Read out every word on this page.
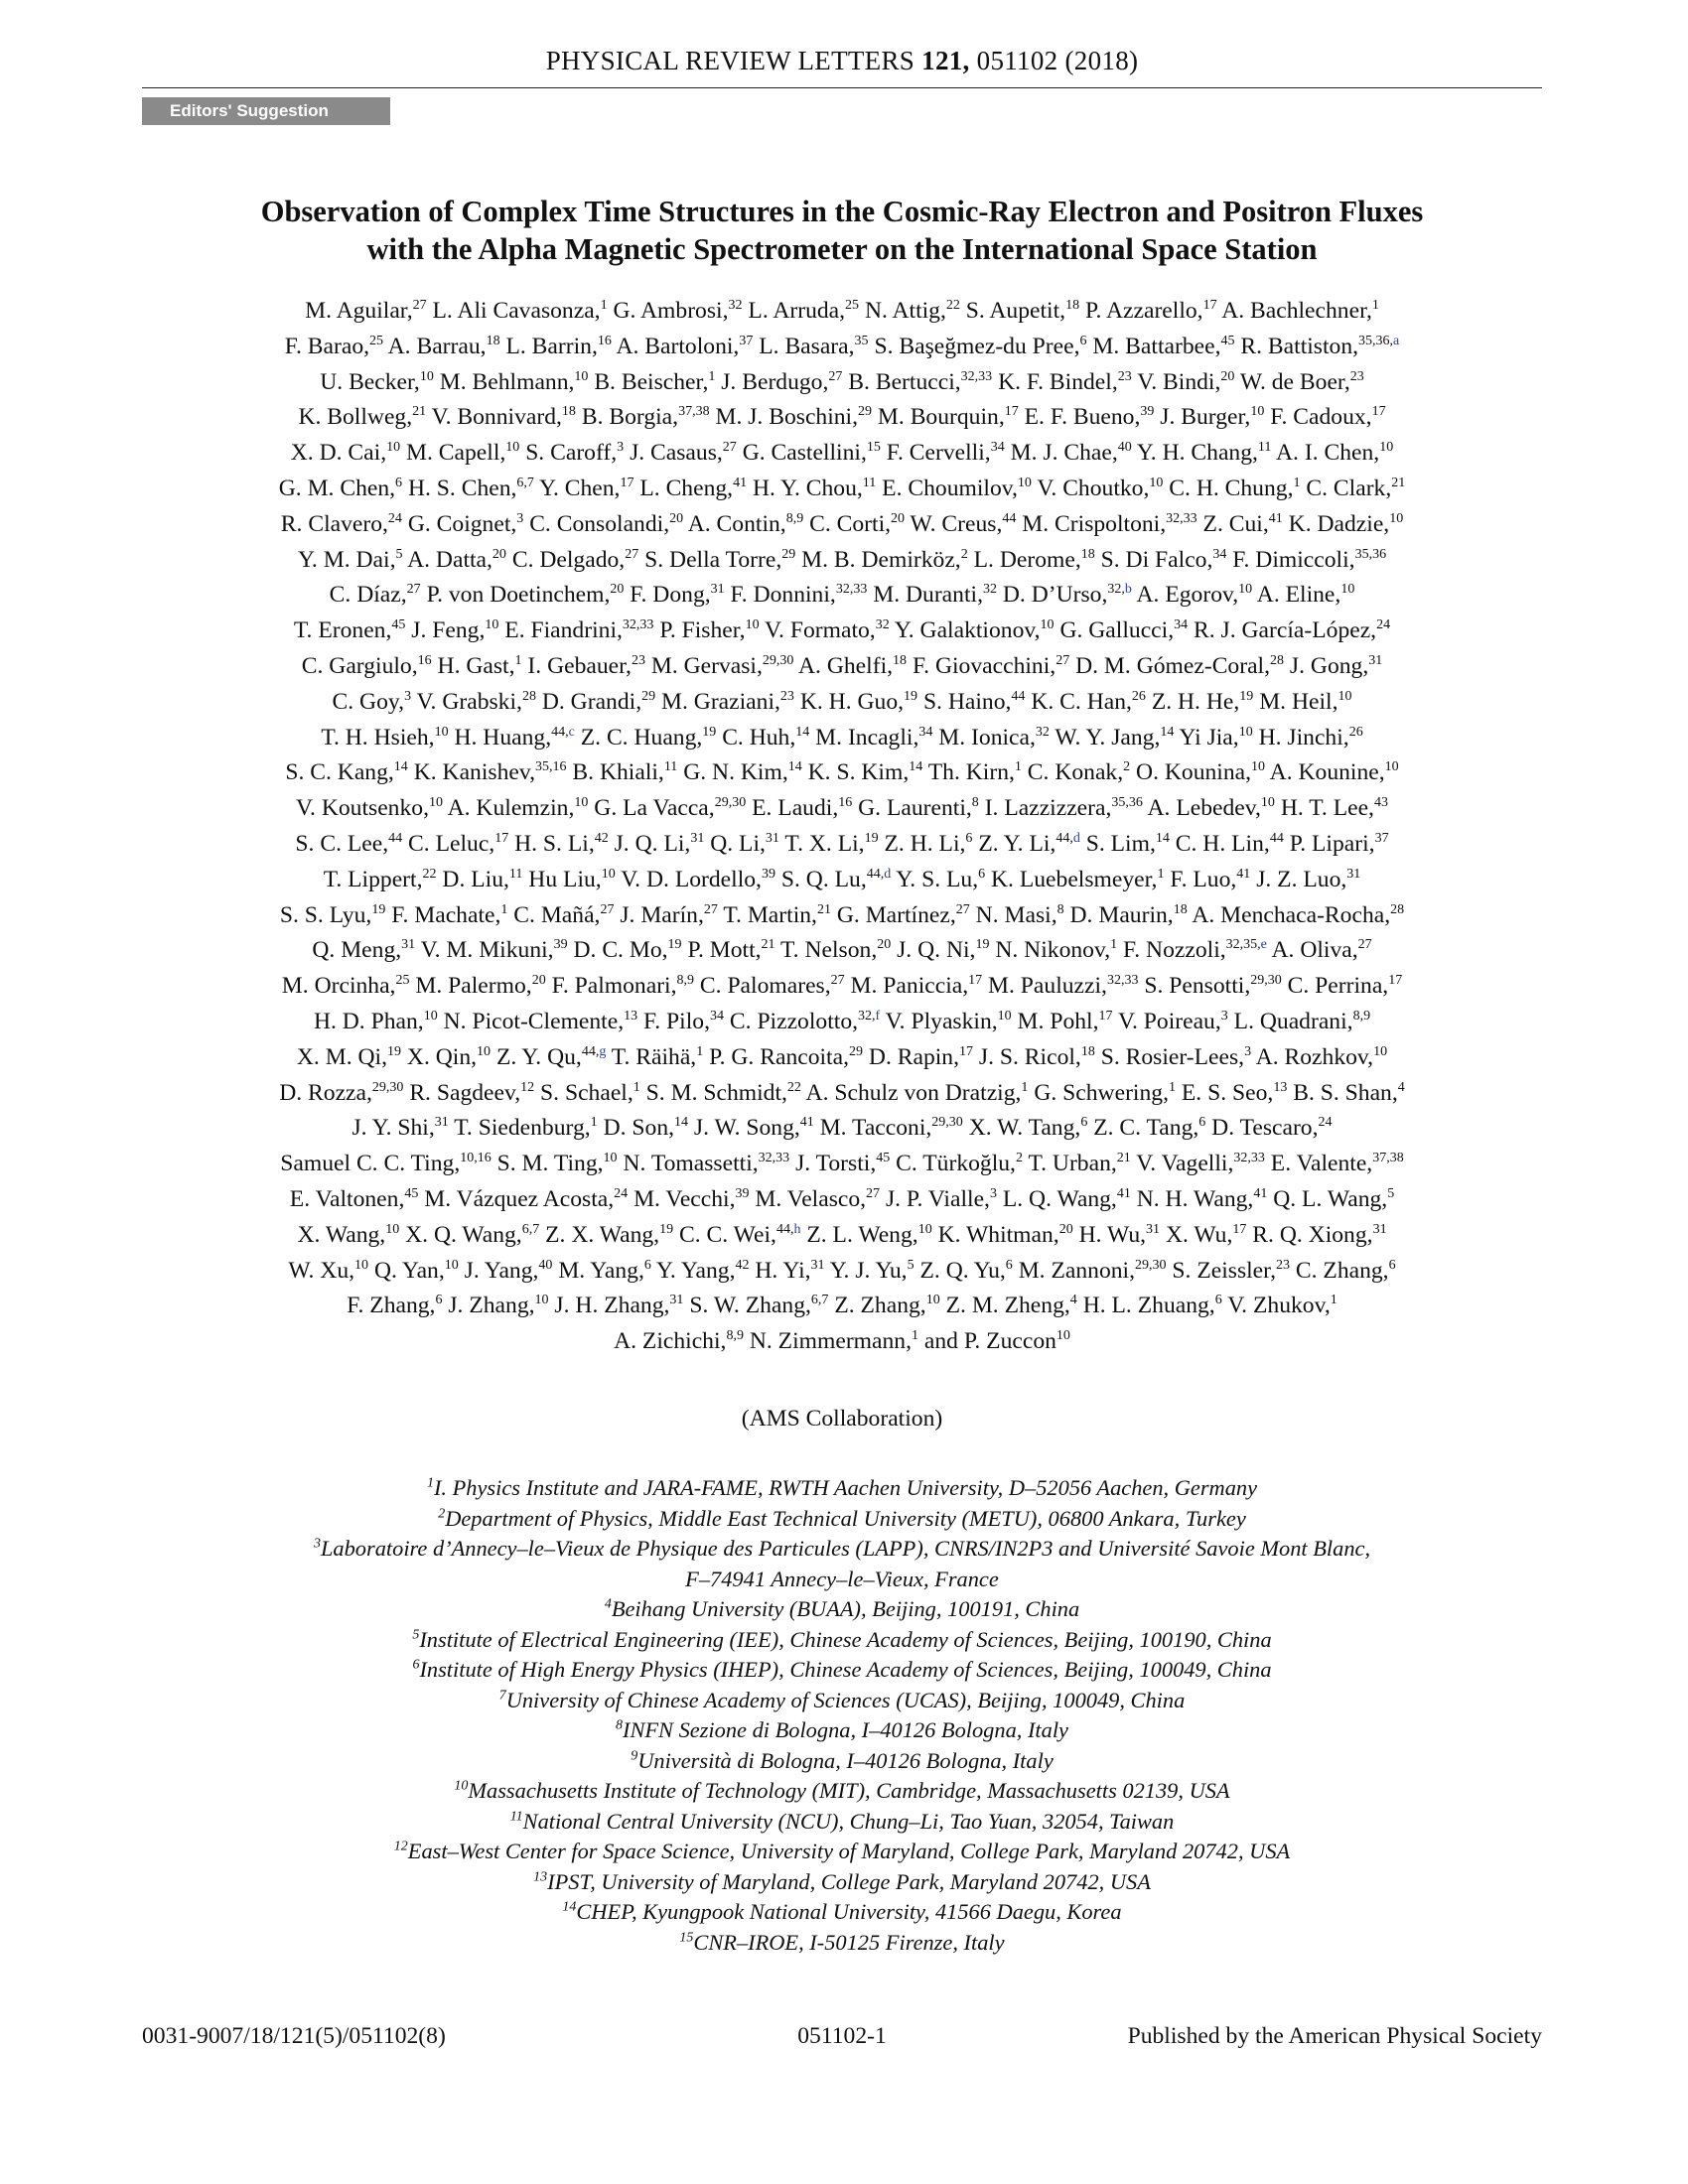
PHYSICAL REVIEW LETTERS 121, 051102 (2018)
Editors' Suggestion
Observation of Complex Time Structures in the Cosmic-Ray Electron and Positron Fluxes
with the Alpha Magnetic Spectrometer on the International Space Station
M. Aguilar,$^{27}$ L. Ali Cavasonza,$^1$ G. Ambrosi,$^{32}$ L. Arruda,$^{25}$ N. Attig,$^{22}$ S. Aupetit,$^{18}$ P. Azzarello,$^{17}$ A. Bachlechner,$^1$
F. Barao,$^{25}$ A. Barrau,$^{18}$ L. Barrin,$^{16}$ A. Bartoloni,$^{37}$ L. Basara,$^{35}$ S. Başeğmez-du Pree,$^6$ M. Battarbee,$^{45}$ R. Battiston,$^{35,36,a}$
U. Becker,$^{10}$ M. Behlmann,$^{10}$ B. Beischer,$^1$ J. Berdugo,$^{27}$ B. Bertucci,$^{32,33}$ K. F. Bindel,$^{23}$ V. Bindi,$^{20}$ W. de Boer,$^{23}$
K. Bollweg,$^{21}$ V. Bonnivard,$^{18}$ B. Borgia,$^{37,38}$ M. J. Boschini,$^{29}$ M. Bourquin,$^{17}$ E. F. Bueno,$^{39}$ J. Burger,$^{10}$ F. Cadoux,$^{17}$
X. D. Cai,$^{10}$ M. Capell,$^{10}$ S. Caroff,$^3$ J. Casaus,$^{27}$ G. Castellini,$^{15}$ F. Cervelli,$^{34}$ M. J. Chae,$^{40}$ Y. H. Chang,$^{11}$ A. I. Chen,$^{10}$
G. M. Chen,$^6$ H. S. Chen,$^{6,7}$ Y. Chen,$^{17}$ L. Cheng,$^{41}$ H. Y. Chou,$^{11}$ E. Choumilov,$^{10}$ V. Choutko,$^{10}$ C. H. Chung,$^1$ C. Clark,$^{21}$
R. Clavero,$^{24}$ G. Coignet,$^3$ C. Consolandi,$^{20}$ A. Contin,$^{8,9}$ C. Corti,$^{20}$ W. Creus,$^{44}$ M. Crispoltoni,$^{32,33}$ Z. Cui,$^{41}$ K. Dadzie,$^{10}$
Y. M. Dai,$^5$ A. Datta,$^{20}$ C. Delgado,$^{27}$ S. Della Torre,$^{29}$ M. B. Demirköz,$^2$ L. Derome,$^{18}$ S. Di Falco,$^{34}$ F. Dimiccoli,$^{35,36}$
C. Díaz,$^{27}$ P. von Doetinchem,$^{20}$ F. Dong,$^{31}$ F. Donnini,$^{32,33}$ M. Duranti,$^{32}$ D. D’Urso,$^{32,b}$ A. Egorov,$^{10}$ A. Eline,$^{10}$
T. Eronen,$^{45}$ J. Feng,$^{10}$ E. Fiandrini,$^{32,33}$ P. Fisher,$^{10}$ V. Formato,$^{32}$ Y. Galaktionov,$^{10}$ G. Gallucci,$^{34}$ R. J. García-López,$^{24}$
C. Gargiulo,$^{16}$ H. Gast,$^1$ I. Gebauer,$^{23}$ M. Gervasi,$^{29,30}$ A. Ghelfi,$^{18}$ F. Giovacchini,$^{27}$ D. M. Gómez-Coral,$^{28}$ J. Gong,$^{31}$
C. Goy,$^3$ V. Grabski,$^{28}$ D. Grandi,$^{29}$ M. Graziani,$^{23}$ K. H. Guo,$^{19}$ S. Haino,$^{44}$ K. C. Han,$^{26}$ Z. H. He,$^{19}$ M. Heil,$^{10}$
T. H. Hsieh,$^{10}$ H. Huang,$^{44,c}$ Z. C. Huang,$^{19}$ C. Huh,$^{14}$ M. Incagli,$^{34}$ M. Ionica,$^{32}$ W. Y. Jang,$^{14}$ Yi Jia,$^{10}$ H. Jinchi,$^{26}$
S. C. Kang,$^{14}$ K. Kanishev,$^{35,16}$ B. Khiali,$^{11}$ G. N. Kim,$^{14}$ K. S. Kim,$^{14}$ Th. Kirn,$^1$ C. Konak,$^2$ O. Kounina,$^{10}$ A. Kounine,$^{10}$
V. Koutsenko,$^{10}$ A. Kulemzin,$^{10}$ G. La Vacca,$^{29,30}$ E. Laudi,$^{16}$ G. Laurenti,$^8$ I. Lazzizzera,$^{35,36}$ A. Lebedev,$^{10}$ H. T. Lee,$^{43}$
S. C. Lee,$^{44}$ C. Leluc,$^{17}$ H. S. Li,$^{42}$ J. Q. Li,$^{31}$ Q. Li,$^{31}$ T. X. Li,$^{19}$ Z. H. Li,$^6$ Z. Y. Li,$^{44,d}$ S. Lim,$^{14}$ C. H. Lin,$^{44}$ P. Lipari,$^{37}$
T. Lippert,$^{22}$ D. Liu,$^{11}$ Hu Liu,$^{10}$ V. D. Lordello,$^{39}$ S. Q. Lu,$^{44,d}$ Y. S. Lu,$^6$ K. Luebelsmeyer,$^1$ F. Luo,$^{41}$ J. Z. Luo,$^{31}$
S. S. Lyu,$^{19}$ F. Machate,$^1$ C. Mañá,$^{27}$ J. Marín,$^{27}$ T. Martin,$^{21}$ G. Martínez,$^{27}$ N. Masi,$^8$ D. Maurin,$^{18}$ A. Menchaca-Rocha,$^{28}$
Q. Meng,$^{31}$ V. M. Mikuni,$^{39}$ D. C. Mo,$^{19}$ P. Mott,$^{21}$ T. Nelson,$^{20}$ J. Q. Ni,$^{19}$ N. Nikonov,$^1$ F. Nozzoli,$^{32,35,e}$ A. Oliva,$^{27}$
M. Orcinha,$^{25}$ M. Palermo,$^{20}$ F. Palmonari,$^{8,9}$ C. Palomares,$^{27}$ M. Paniccia,$^{17}$ M. Pauluzzi,$^{32,33}$ S. Pensotti,$^{29,30}$ C. Perrina,$^{17}$
H. D. Phan,$^{10}$ N. Picot-Clemente,$^{13}$ F. Pilo,$^{34}$ C. Pizzolotto,$^{32,f}$ V. Plyaskin,$^{10}$ M. Pohl,$^{17}$ V. Poireau,$^3$ L. Quadrani,$^{8,9}$
X. M. Qi,$^{19}$ X. Qin,$^{10}$ Z. Y. Qu,$^{44,g}$ T. Räihä,$^1$ P. G. Rancoita,$^{29}$ D. Rapin,$^{17}$ J. S. Ricol,$^{18}$ S. Rosier-Lees,$^3$ A. Rozhkov,$^{10}$
D. Rozza,$^{29,30}$ R. Sagdeev,$^{12}$ S. Schael,$^1$ S. M. Schmidt,$^{22}$ A. Schulz von Dratzig,$^1$ G. Schwering,$^1$ E. S. Seo,$^{13}$ B. S. Shan,$^4$
J. Y. Shi,$^{31}$ T. Siedenburg,$^1$ D. Son,$^{14}$ J. W. Song,$^{41}$ M. Tacconi,$^{29,30}$ X. W. Tang,$^6$ Z. C. Tang,$^6$ D. Tescaro,$^{24}$
Samuel C. C. Ting,$^{10,16}$ S. M. Ting,$^{10}$ N. Tomassetti,$^{32,33}$ J. Torsti,$^{45}$ C. Türkoğlu,$^2$ T. Urban,$^{21}$ V. Vagelli,$^{32,33}$ E. Valente,$^{37,38}$
E. Valtonen,$^{45}$ M. Vázquez Acosta,$^{24}$ M. Vecchi,$^{39}$ M. Velasco,$^{27}$ J. P. Vialle,$^3$ L. Q. Wang,$^{41}$ N. H. Wang,$^{41}$ Q. L. Wang,$^5$
X. Wang,$^{10}$ X. Q. Wang,$^{6,7}$ Z. X. Wang,$^{19}$ C. C. Wei,$^{44,h}$ Z. L. Weng,$^{10}$ K. Whitman,$^{20}$ H. Wu,$^{31}$ X. Wu,$^{17}$ R. Q. Xiong,$^{31}$
W. Xu,$^{10}$ Q. Yan,$^{10}$ J. Yang,$^{40}$ M. Yang,$^6$ Y. Yang,$^{42}$ H. Yi,$^{31}$ Y. J. Yu,$^5$ Z. Q. Yu,$^6$ M. Zannoni,$^{29,30}$ S. Zeissler,$^{23}$ C. Zhang,$^6$
F. Zhang,$^6$ J. Zhang,$^{10}$ J. H. Zhang,$^{31}$ S. W. Zhang,$^{6,7}$ Z. Zhang,$^{10}$ Z. M. Zheng,$^4$ H. L. Zhuang,$^6$ V. Zhukov,$^1$
A. Zichichi,$^{8,9}$ N. Zimmermann,$^1$ and P. Zuccon$^{10}$
(AMS Collaboration)
$^1$I. Physics Institute and JARA-FAME, RWTH Aachen University, D–52056 Aachen, Germany
$^2$Department of Physics, Middle East Technical University (METU), 06800 Ankara, Turkey
$^3$Laboratoire d’Annecy–le–Vieux de Physique des Particules (LAPP), CNRS/IN2P3 and Université Savoie Mont Blanc,
F–74941 Annecy–le–Vieux, France
$^4$Beihang University (BUAA), Beijing, 100191, China
$^5$Institute of Electrical Engineering (IEE), Chinese Academy of Sciences, Beijing, 100190, China
$^6$Institute of High Energy Physics (IHEP), Chinese Academy of Sciences, Beijing, 100049, China
$^7$University of Chinese Academy of Sciences (UCAS), Beijing, 100049, China
$^8$INFN Sezione di Bologna, I–40126 Bologna, Italy
$^9$Università di Bologna, I–40126 Bologna, Italy
$^{10}$Massachusetts Institute of Technology (MIT), Cambridge, Massachusetts 02139, USA
$^{11}$National Central University (NCU), Chung–Li, Tao Yuan, 32054, Taiwan
$^{12}$East–West Center for Space Science, University of Maryland, College Park, Maryland 20742, USA
$^{13}$IPST, University of Maryland, College Park, Maryland 20742, USA
$^{14}$CHEP, Kyungpook National University, 41566 Daegu, Korea
$^{15}$CNR–IROE, I-50125 Firenze, Italy
0031-9007/18/121(5)/051102(8)	051102-1	Published by the American Physical Society
